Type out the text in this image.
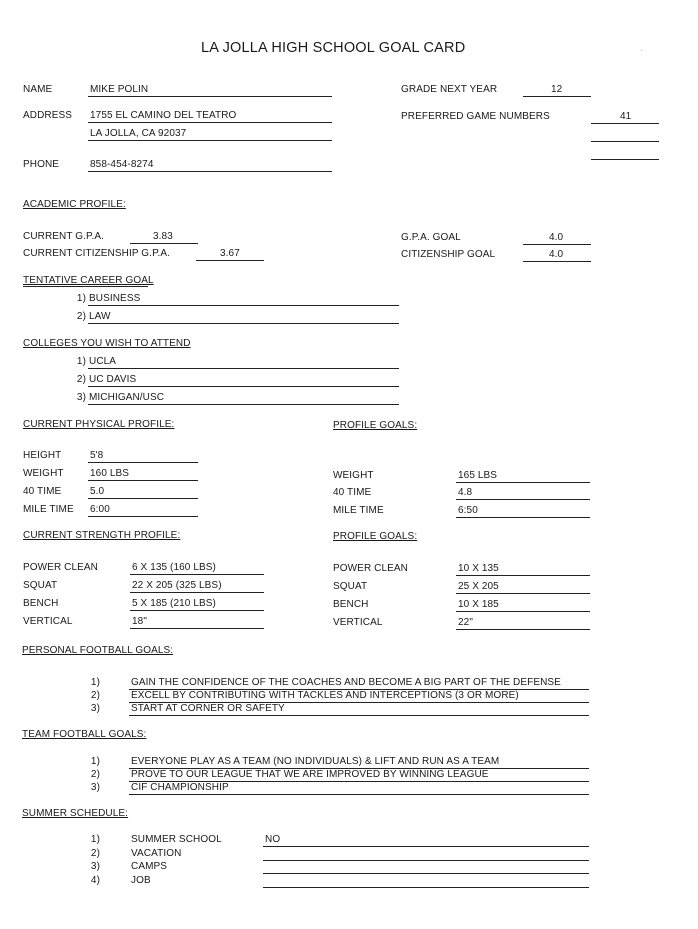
LA JOLLA HIGH SCHOOL GOAL CARD
NAME	MIKE POLIN
ADDRESS 1755 EL CAMINO DEL TEATRO
LA JOLLA, CA 92037
PHONE	858-454-8274
GRADE NEXT YEAR	12
PREFERRED GAME NUMBERS	41
·
ACADEMIC PROFILE:
CURRENT G.P.A.	3.83
CURRENT CITIZENSHIP G.P.A.	3.67
G.P.A. GOAL	4.0
CITIZENSHIP GOAL	4.0
TENTATIVE CAREER GOAL
1) BUSINESS
2) LAW
COLLEGES YOU WISH TO ATTEND
1) UCLA
2) UC DAVIS
3) MICHIGAN/USC
CURRENT PHYSICAL PROFILE:	PROFILE GOALS:
HEIGHT	5'8
WEIGHT	160 LBS
40 TIME	5.0
MILE TIME 6:00
WEIGHT	165 LBS
40 TIME	4.8
MILE TIME	6:50
CURRENT STRENGTH PROFILE:	PROFILE GOALS:
POWER CLEAN	6 X 135 (160 LBS)
SQUAT	22 X 205 (325 LBS)
BENCH	5 X 185 (210 LBS)
VERTICAL	18"
POWER CLEAN	10 X 135
SQUAT	25 X 205
BENCH	10 X 185
VERTICAL	22"
PERSONAL FOOTBALL GOALS:
1)	GAIN THE CONFIDENCE OF THE COACHES AND BECOME A BIG PART OF THE DEFENSE
2)	EXCELL BY CONTRIBUTING WITH TACKLES AND INTERCEPTIONS (3 OR MORE)
3)	START AT CORNER OR SAFETY
TEAM FOOTBALL GOALS:
1)	EVERYONE PLAY AS A TEAM (NO INDIVIDUALS) & LIFT AND RUN AS A TEAM
2)	PROVE TO OUR LEAGUE THAT WE ARE IMPROVED BY WINNING LEAGUE
3)	CIF CHAMPIONSHIP
SUMMER SCHEDULE:
1)	SUMMER SCHOOL	NO
2)	VACATION
3)	CAMPS
4)	JOB
